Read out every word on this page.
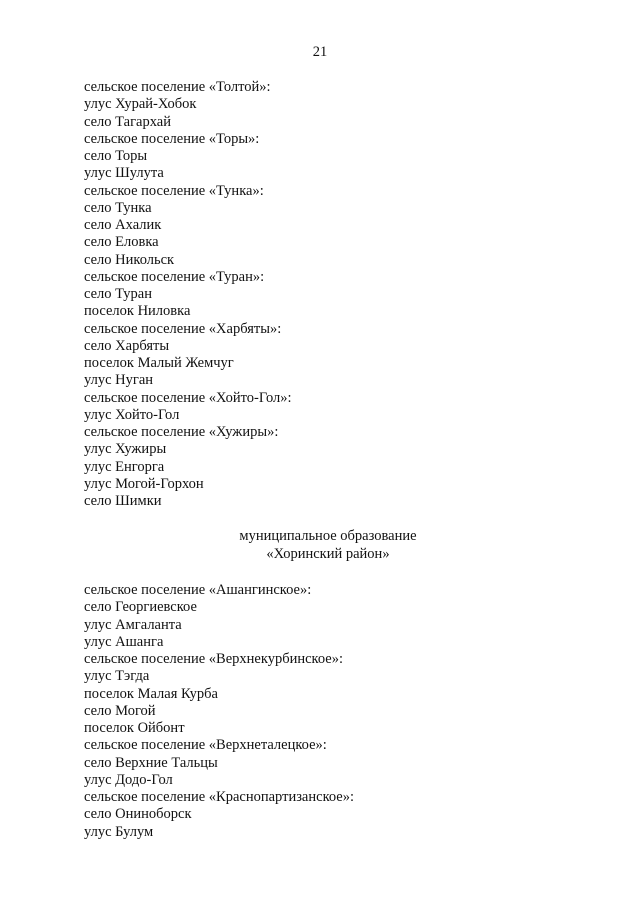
21
сельское поселение «Толтой»:
улус Хурай-Хобок
село Тагархай
сельское поселение «Торы»:
село Торы
улус Шулута
сельское поселение «Тунка»:
село Тунка
село Ахалик
село Еловка
село Никольск
сельское поселение «Туран»:
село Туран
поселок Ниловка
сельское поселение «Харбяты»:
село Харбяты
поселок Малый Жемчуг
улус Нуган
сельское поселение «Хойто-Гол»:
улус Хойто-Гол
сельское поселение «Хужиры»:
улус Хужиры
улус Енгорга
улус Могой-Горхон
село Шимки
муниципальное образование
«Хоринский район»
сельское поселение «Ашангинское»:
село Георгиевское
улус Амгаланта
улус Ашанга
сельское поселение «Верхнекурбинское»:
улус Тэгда
поселок Малая Курба
село Могой
поселок Ойбонт
сельское поселение «Верхнеталецкое»:
село Верхние Тальцы
улус Додо-Гол
сельское поселение «Краснопартизанское»:
село Ониноборск
улус Булум
